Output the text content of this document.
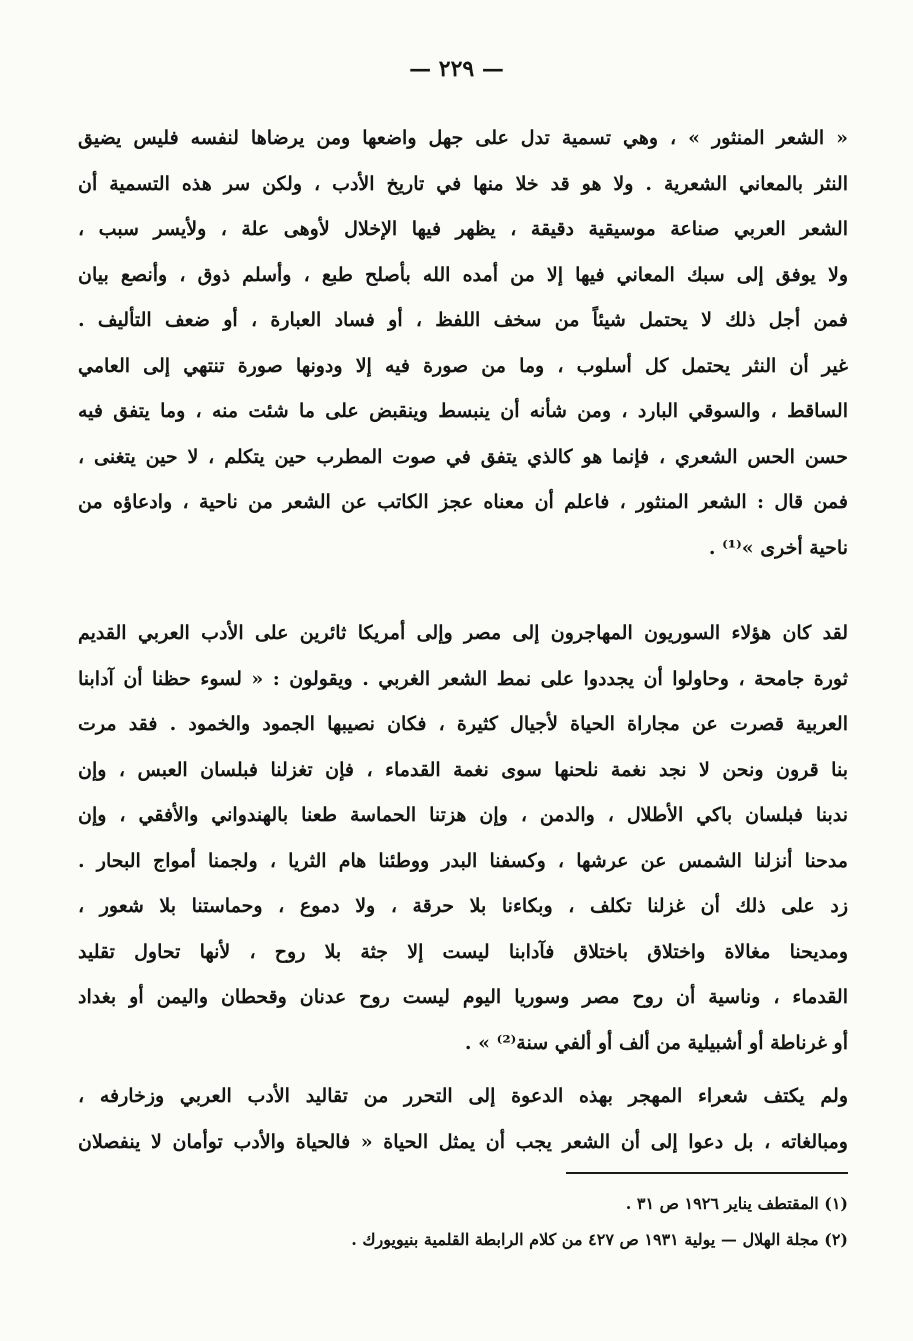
— ٢٢٩ —
« الشعر المنثور » ، وهي تسمية تدل على جهل واضعها ومن يرضاها لنفسه فليس يضيق
النثر بالمعاني الشعرية . ولا هو قد خلا منها في تاريخ الأدب ، ولكن سر هذه التسمية أن
الشعر العربي صناعة موسيقية دقيقة ، يظهر فيها الإخلال لأوهى علة ، ولأيسر سبب ،
ولا يوفق إلى سبك المعاني فيها إلا من أمده الله بأصلح طبع ، وأسلم ذوق ، وأنصع بيان
فمن أجل ذلك لا يحتمل شيئاً من سخف اللفظ ، أو فساد العبارة ، أو ضعف التأليف .
غير أن النثر يحتمل كل أسلوب ، وما من صورة فيه إلا ودونها صورة تنتهي إلى العامي
الساقط ، والسوقي البارد ، ومن شأنه أن ينبسط وينقبض على ما شئت منه ، وما يتفق فيه
حسن الحس الشعري ، فإنما هو كالذي يتفق في صوت المطرب حين يتكلم ، لا حين يتغنى ،
فمن قال : الشعر المنثور ، فاعلم أن معناه عجز الكاتب عن الشعر من ناحية ، وادعاؤه من
ناحية أخرى »⁽¹⁾ .
لقد كان هؤلاء السوريون المهاجرون إلى مصر وإلى أمريكا ثائرين على الأدب العربي القديم
ثورة جامحة ، وحاولوا أن يجددوا على نمط الشعر الغربي . ويقولون : « لسوء حظنا أن آدابنا
العربية قصرت عن مجاراة الحياة لأجيال كثيرة ، فكان نصيبها الجمود والخمود . فقد مرت
بنا قرون ونحن لا نجد نغمة نلحنها سوى نغمة القدماء ، فإن تغزلنا فبلسان العبس ، وإن
ندبنا فبلسان باكي الأطلال ، والدمن ، وإن هزتنا الحماسة طعنا بالهندواني والأفقي ، وإن
مدحنا أنزلنا الشمس عن عرشها ، وكسفنا البدر ووطئنا هام الثريا ، ولجمنا أمواج البحار .
زد على ذلك أن غزلنا تكلف ، وبكاءنا بلا حرقة ، ولا دموع ، وحماستنا بلا شعور ،
ومديحنا مغالاة واختلاق باختلاق فآدابنا ليست إلا جثة بلا روح ، لأنها تحاول تقليد
القدماء ، وناسية أن روح مصر وسوريا اليوم ليست روح عدنان وقحطان واليمن أو بغداد
أو غرناطة أو أشبيلية من ألف أو ألفي سنة⁽²⁾ » .
ولم يكتف شعراء المهجر بهذه الدعوة إلى التحرر من تقاليد الأدب العربي وزخارفه ،
ومبالغاته ، بل دعوا إلى أن الشعر يجب أن يمثل الحياة « فالحياة والأدب توأمان لا ينفصلان
(١) المقتطف يناير ١٩٢٦ ص ٣١ .
(٢) مجلة الهلال — يولية ١٩٣١ ص ٤٢٧ من كلام الرابطة القلمية بنيويورك .
